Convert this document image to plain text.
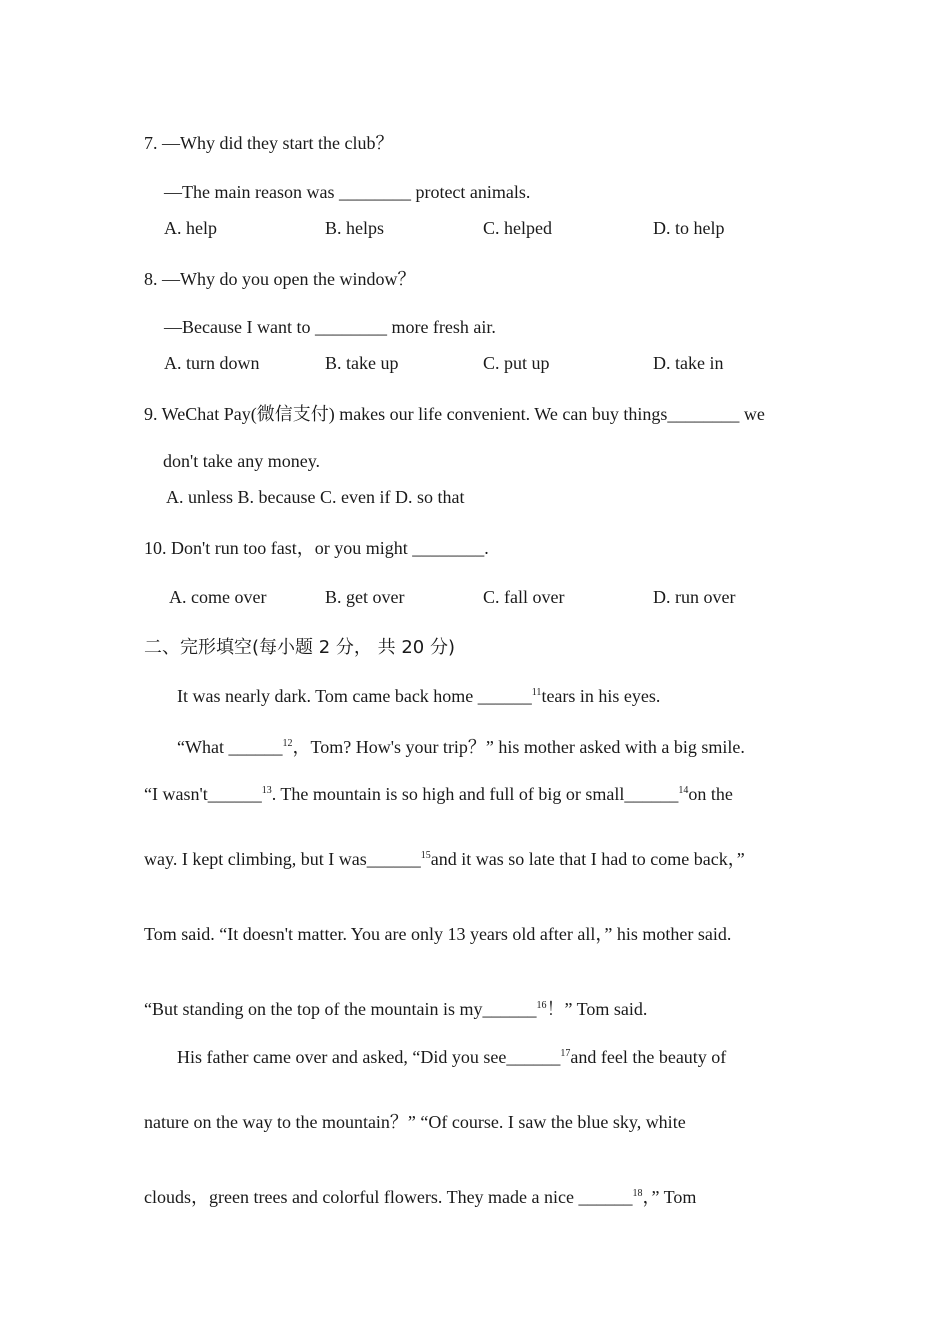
7. —Why did they start the club？
—The main reason was ________ protect animals.
A. help	B. helps	C. helped	D. to help
8. —Why do you open the window？
—Because I want to ________ more fresh air.
A. turn down	B. take up	C. put up	D. take in
9. WeChat Pay(微信支付) makes our life convenient. We can buy things________ we
don't take any money.
A. unless B. because C. even if D. so that
10. Don't run too fast，or you might ________.
A. come over	B. get over	C. fall over	D. run over
二、完形填空(每小题 2 分， 共 20 分)
It was nearly dark. Tom came back home ______$^{11}$tears in his eyes.
“What ______$^{12}$，Tom? How's your trip？” his mother asked with a big smile.
“I wasn't______$^{13}$. The mountain is so high and full of big or small______$^{14}$on the
way. I kept climbing, but I was______$^{15}$and it was so late that I had to come back，”
Tom said. “It doesn't matter. You are only 13 years old after all，” his mother said.
“But standing on the top of the mountain is my______$^{16}$！” Tom said.
His father came over and asked, “Did you see______$^{17}$and feel the beauty of
nature on the way to the mountain？” “Of course. I saw the blue sky, white
clouds，green trees and colorful flowers. They made a nice ______$^{18}$，” Tom
